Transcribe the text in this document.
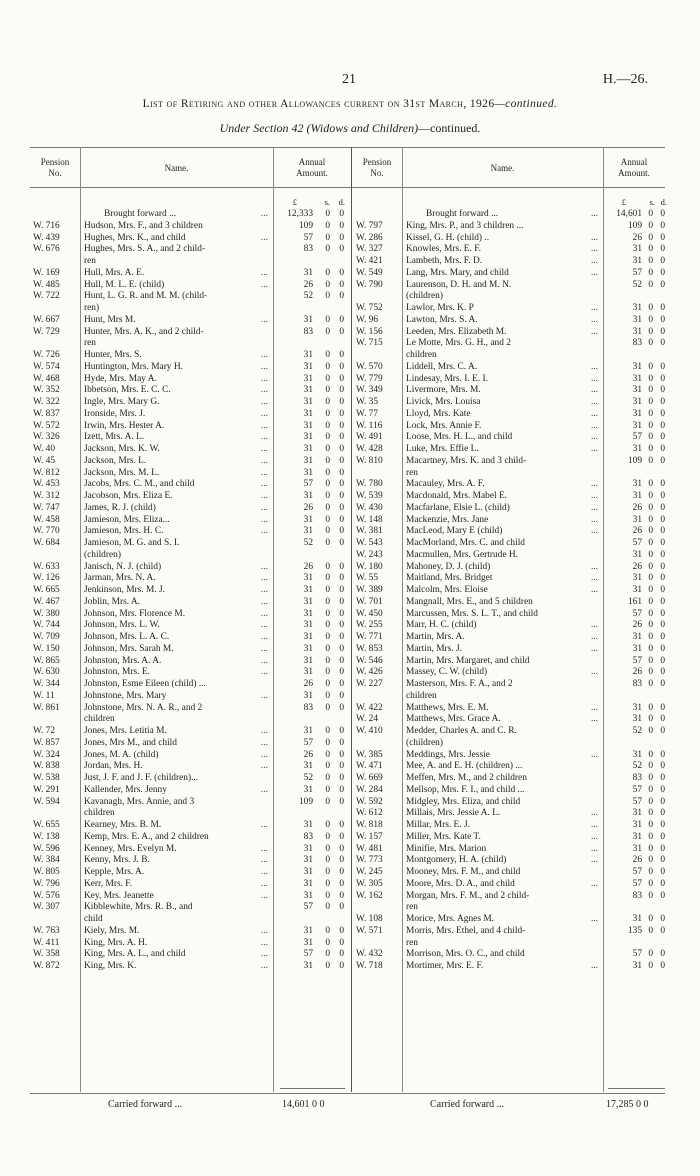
21	H.—26.
List of Retiring and other Allowances current on 31st March, 1926—continued.
Under Section 42 (Widows and Children)—continued.
Pension
No.
Name.
Annual
Amount.
Pension
No.
Name.
Annual
Amount.
£	s.	d.	£	s. d.
Brought forward ...	...	12,333	0 0
W. 716	Hudson, Mrs. F., and 3 children	109	0 0
W. 439	Hughes, Mrs. K., and child	...	57	0 0
W. 676	Hughes, Mrs. S. A., and 2 child-	83	0 0
ren
W. 169	Hull, Mrs. A. E.	...	31	0 0
W. 485	Hull, M. L. E. (child)	...	26	0 0
W. 722	Hunt, L. G. R. and M. M. (child-	52	0 0
ren)
W. 667	Hunt, Mrs M.	...	31	0 0
W. 729	Hunter, Mrs. A. K., and 2 child-	83	0 0
ren
W. 726	Hunter, Mrs. S.	...	31	0 0
W. 574	Huntington, Mrs. Mary H.	...	31	0 0
W. 468	Hyde, Mrs. May A.	...	31	0 0
W. 352	Ibbetson, Mrs. E. C. C.	...	31	0 0
W. 322	Ingle, Mrs. Mary G.	...	31	0 0
W. 837	Ironside, Mrs. J.	...	31	0 0
W. 572	Irwin, Mrs. Hester A.	...	31	0 0
W. 326	Izett, Mrs. A. L.	...	31	0 0
W. 40	Jackson, Mrs. K. W.	...	31	0 0
W. 45	Jackson, Mrs. L.	...	31	0 0
W. 812	Jackson, Mrs. M. L.	...	31	0 0
W. 453	Jacobs, Mrs. C. M., and child	...	57	0 0
W. 312	Jacobson, Mrs. Eliza E.	...	31	0 0
W. 747	James, R. J. (child)	...	26	0 0
W. 458	Jamieson, Mrs. Eliza...	...	31	0 0
W. 770	Jamieson, Mrs. H. C.	...	31	0 0
W. 684	Jamieson, M. G. and S. I.	52	0 0
(children)
W. 633	Janisch, N. J. (child)	...	26	0 0
W. 126	Jarman, Mrs. N. A.	...	31	0 0
W. 665	Jenkinson, Mrs. M. J.	...	31	0 0
W. 467	Joblin, Mrs. A.	...	31	0 0
W. 380	Johnson, Mrs. Florence M.	...	31	0 0
W. 744	Johnson, Mrs. L. W.	...	31	0 0
W. 709	Johnson, Mrs. L. A. C.	...	31	0 0
W. 150	Johnson, Mrs. Sarah M.	...	31	0 0
W. 865	Johnston, Mrs. A. A.	...	31	0 0
W. 630	Johnston, Mrs. E.	...	31	0 0
W. 344	Johnston, Esme Eileen (child) ...	26	0 0
W. 11	Johnstone, Mrs. Mary	...	31	0 0
W. 861	Johnstone, Mrs. N. A. R., and 2	83	0 0
children
W. 72	Jones, Mrs. Letitia M.	...	31	0 0
W. 857	Jones, Mrs M., and child	...	57	0 0
W. 324	Jones, M. A. (child)	...	26	0 0
W. 838	Jordan, Mrs. H.	...	31	0 0
W. 538	Just, J. F. and J. F. (children)...	52	0 0
W. 291	Kallender, Mrs. Jenny	...	31	0 0
W. 594	Kavanagh, Mrs. Annie, and 3	109	0 0
children
W. 655	Kearney, Mrs. B. M.	...	31	0 0
W. 138	Kemp, Mrs. E. A., and 2 children	83	0 0
W. 596	Kenney, Mrs. Evelyn M.	...	31	0 0
W. 384	Kenny, Mrs. J. B.	...	31	0 0
W. 805	Kepple, Mrs. A.	...	31	0 0
W. 796	Kerr, Mrs. F.	...	31	0 0
W. 576	Key, Mrs. Jeanette	...	31	0 0
W. 307	Kibblewhite, Mrs. R. B., and	57	0 0
child
W. 763	Kiely, Mrs. M.	...	31	0 0
W. 411	King, Mrs. A. H.	...	31	0 0
W. 358	King, Mrs. A. L., and child	...	57	0 0
W. 872	King, Mrs. K.	...	31	0 0
Brought forward ...	...	14,601 0 0
W. 797 King, Mrs. P., and 3 children ...	109 0 0
W. 286 Kissel, G. H. (child) ..	...	26 0 0
W. 327 Knowles, Mrs. E. F.	...	31 0 0
W. 421 Lambeth, Mrs. F. D.	...	31 0 0
W. 549 Lang, Mrs. Mary, and child	...	57 0 0
W. 790 Laurenson, D. H. and M. N.	52 0 0
(children)
W. 752 Lawlor, Mrs. K. P	...	31 0 0
W. 96	Lawton, Mrs. S. A.	...	31 0 0
W. 156 Leeden, Mrs. Elizabeth M.	...	31 0 0
W. 715 Le Motte, Mrs. G. H., and 2	83 0 0
children
W. 570 Liddell, Mrs. C. A.	...	31 0 0
W. 779 Lindesay, Mrs. I. E. I.	...	31 0 0
W. 349 Livermore, Mrs. M.	...	31 0 0
W. 35	Livick, Mrs. Louisa	...	31 0 0
W. 77	Lloyd, Mrs. Kate	...	31 0 0
W. 116	Lock, Mrs. Annie F.	...	31 0 0
W. 491 Loose, Mrs. H. L., and child	...	57 0 0
W. 428 Luke, Mrs. Effie L.	...	31 0 0
W. 810 Macartney, Mrs. K. and 3 child-	109 0 0
ren
W. 780 Macauley, Mrs. A. F.	...	31 0 0
W. 539 Macdonald, Mrs. Mabel E.	...	31 0 0
W. 430 Macfarlane, Elsie L. (child)	...	26 0 0
W. 148 Mackenzie, Mrs. Jane	...	31 0 0
W. 381 MacLeod, Mary E (child)	...	26 0 0
W. 543 MacMorland, Mrs. C. and child	57 0 0
W. 243 Macmullen, Mrs. Gertrude H.	31 0 0
W. 180 Mahoney, D. J. (child)	...	26 0 0
W. 55	Maitland, Mrs. Bridget	...	31 0 0
W. 389 Malcolm, Mrs. Eloise	...	31 0 0
W. 701 Mangnall, Mrs. E., and 5 children	161 0 0
W. 450 Marcussen, Mrs. S. L. T., and child	57 0 0
W. 255 Marr, H. C. (child)	...	26 0 0
W. 771 Martin, Mrs. A.	...	31 0 0
W. 853 Martin, Mrs. J.	...	31 0 0
W. 546 Martin, Mrs. Margaret, and child	57 0 0
W. 426 Massey, C. W. (child)	...	26 0 0
W. 227 Masterson, Mrs. F. A., and 2	83 0 0
children
W. 422 Matthews, Mrs. E. M.	...	31 0 0
W. 24	Matthews, Mrs. Grace A.	...	31 0 0
W. 410 Medder, Charles A. and C. R.	52 0 0
(children)
W. 385 Meddings, Mrs. Jessie	...	31 0 0
W. 471 Mee, A. and E. H. (children) ...	52 0 0
W. 669 Meffen, Mrs. M., and 2 children	83 0 0
W. 284 Mellsop, Mrs. F. I., and child ...	57 0 0
W. 592 Midgley, Mrs. Eliza, and child	57 0 0
W. 612 Millais, Mrs. Jessie A. L.	...	31 0 0
W. 818 Millar, Mrs. E. J.	...	31 0 0
W. 157 Miller, Mrs. Kate T.	...	31 0 0
W. 481 Minifie, Mrs. Marion	...	31 0 0
W. 773 Montgomery, H. A. (child)	...	26 0 0
W. 245 Mooney, Mrs. F. M., and child	57 0 0
W. 305 Moore, Mrs. D. A., and child	...	57 0 0
W. 162 Morgan, Mrs. F. M., and 2 child-	83 0 0
ren
W. 108 Morice, Mrs. Agnes M.	...	31 0 0
W. 571 Morris, Mrs. Ethel, and 4 child-	135 0 0
ren
W. 432 Morrison, Mrs. O. C., and child	57 0 0
W. 718 Mortimer, Mrs. E. F.	...	31 0 0
Carried forward ...	14,601 0 0	Carried forward ...	17,285 0 0
